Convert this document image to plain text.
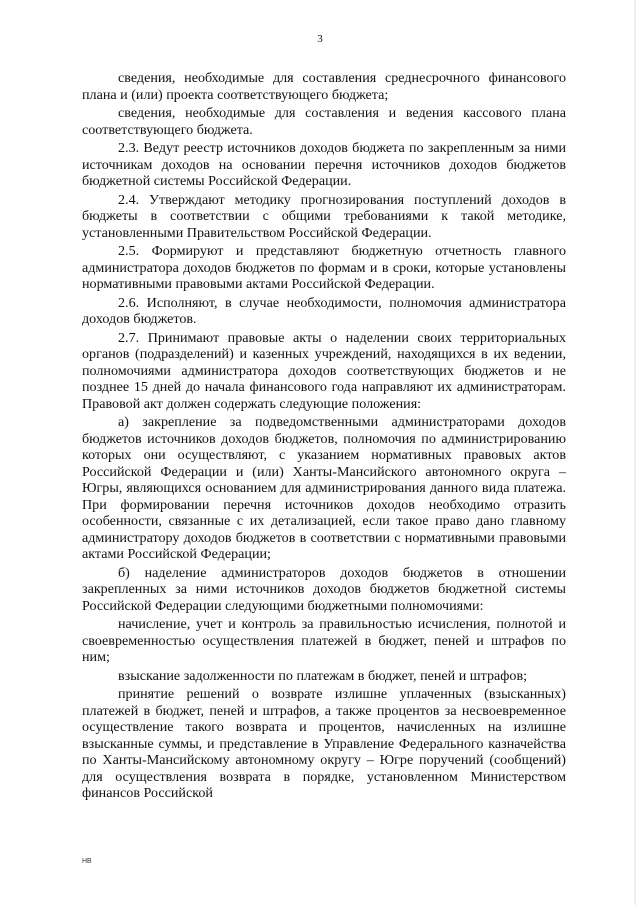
3

сведения, необходимые для составления среднесрочного финансового плана и (или) проекта соответствующего бюджета;

сведения, необходимые для составления и ведения кассового плана соответствующего бюджета.

2.3. Ведут реестр источников доходов бюджета по закрепленным за ними источникам доходов на основании перечня источников доходов бюджетов бюджетной системы Российской Федерации.

2.4. Утверждают методику прогнозирования поступлений доходов в бюджеты в соответствии с общими требованиями к такой методике, установленными Правительством Российской Федерации.

2.5. Формируют и представляют бюджетную отчетность главного администратора доходов бюджетов по формам и в сроки, которые установлены нормативными правовыми актами Российской Федерации.

2.6. Исполняют, в случае необходимости, полномочия администратора доходов бюджетов.

2.7. Принимают правовые акты о наделении своих территориальных органов (подразделений) и казенных учреждений, находящихся в их ведении, полномочиями администратора доходов соответствующих бюджетов и не позднее 15 дней до начала финансового года направляют их администраторам. Правовой акт должен содержать следующие положения:

а) закрепление за подведомственными администраторами доходов бюджетов источников доходов бюджетов, полномочия по администрированию которых они осуществляют, с указанием нормативных правовых актов Российской Федерации и (или) Ханты-Мансийского автономного округа – Югры, являющихся основанием для администрирования данного вида платежа. При формировании перечня источников доходов необходимо отразить особенности, связанные с их детализацией, если такое право дано главному администратору доходов бюджетов в соответствии с нормативными правовыми актами Российской Федерации;

б) наделение администраторов доходов бюджетов в отношении закрепленных за ними источников доходов бюджетов бюджетной системы Российской Федерации следующими бюджетными полномочиями:

начисление, учет и контроль за правильностью исчисления, полнотой и своевременностью осуществления платежей в бюджет, пеней и штрафов по ним;

взыскание задолженности по платежам в бюджет, пеней и штрафов;

принятие решений о возврате излишне уплаченных (взысканных) платежей в бюджет, пеней и штрафов, а также процентов за несвоевременное осуществление такого возврата и процентов, начисленных на излишне взысканные суммы, и представление в Управление Федерального казначейства по Ханты-Мансийскому автономному округу – Югре поручений (сообщений) для осуществления возврата в порядке, установленном Министерством финансов Российской

НВ
